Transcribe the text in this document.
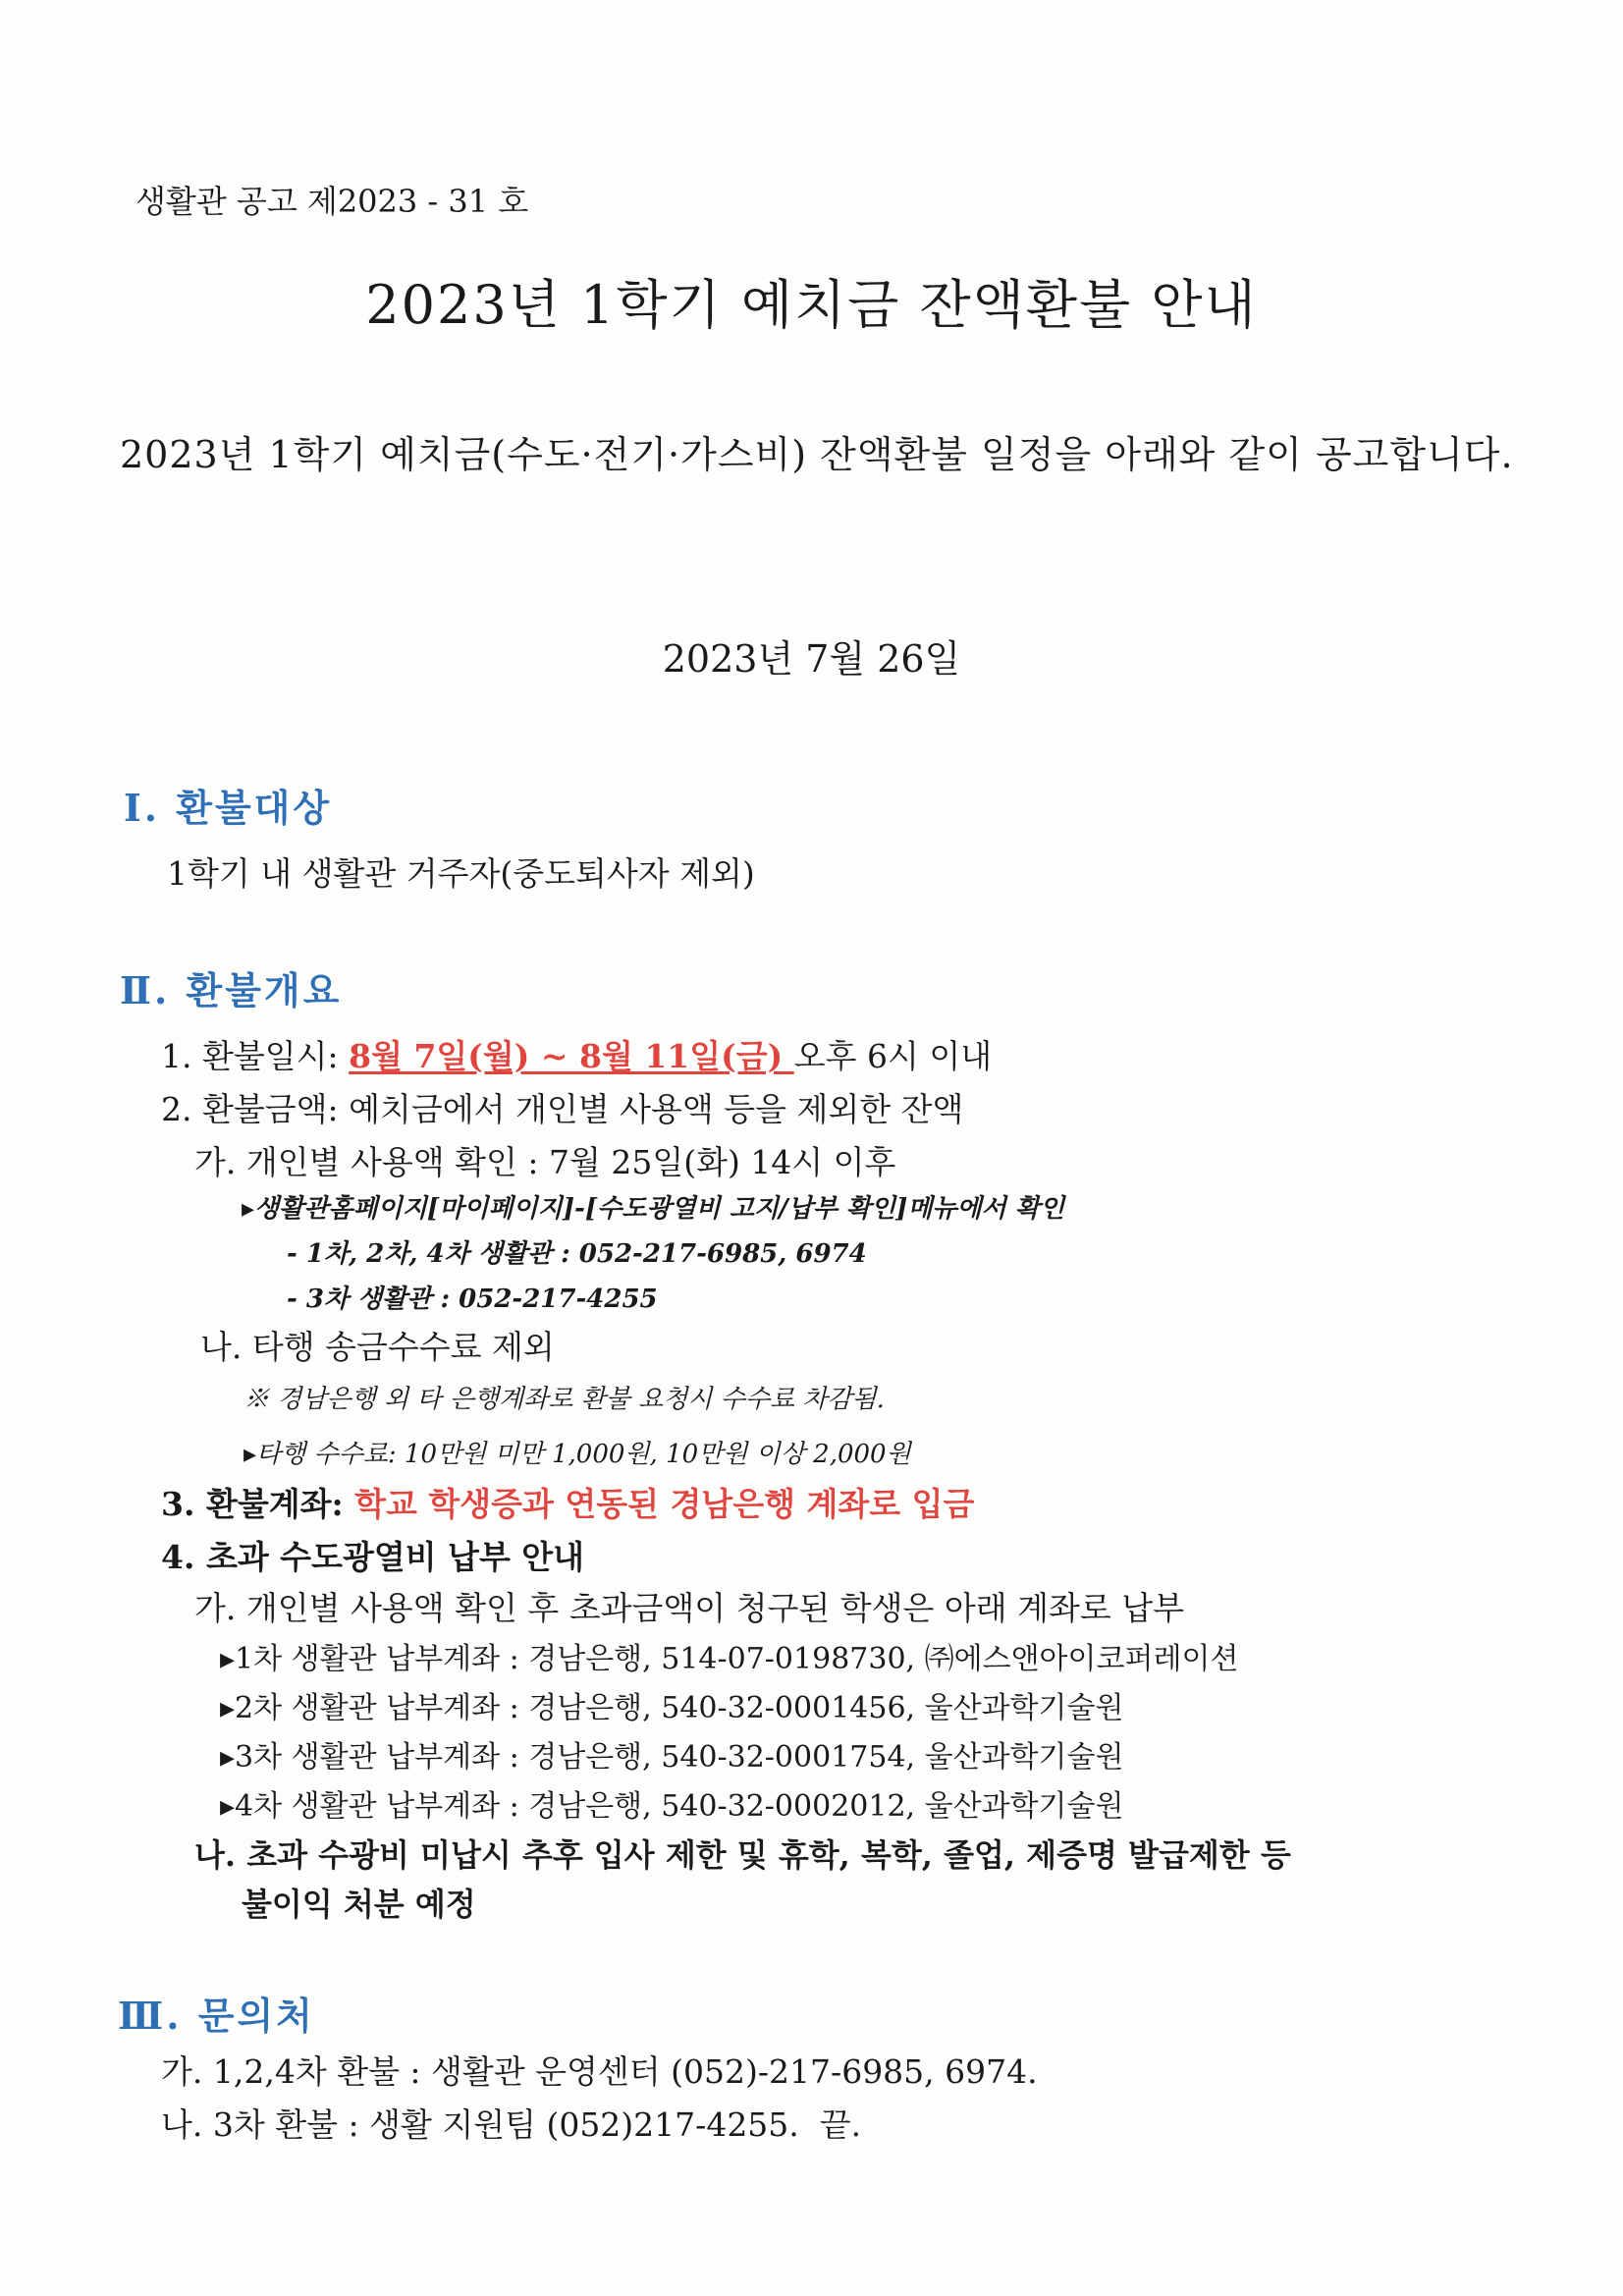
생활관 공고 제2023 - 31 호
2023년 1학기 예치금 잔액환불 안내
2023년 1학기 예치금(수도·전기·가스비) 잔액환불 일정을 아래와 같이 공고합니다.
2023년 7월 26일
Ⅰ. 환불대상
1학기 내 생활관 거주자(중도퇴사자 제외)
Ⅱ. 환불개요
1. 환불일시: 8월 7일(월) ~ 8월 11일(금) 오후 6시 이내
2. 환불금액: 예치금에서 개인별 사용액 등을 제외한 잔액
가. 개인별 사용액 확인 : 7월 25일(화) 14시 이후
▸생활관홈페이지[마이페이지]-[수도광열비 고지/납부 확인]메뉴에서 확인
- 1차, 2차, 4차 생활관 : 052-217-6985, 6974
- 3차 생활관 : 052-217-4255
나. 타행 송금수수료 제외
※ 경남은행 외 타 은행계좌로 환불 요청시 수수료 차감됨.
▸타행 수수료: 10만원 미만 1,000원, 10만원 이상 2,000원
3. 환불계좌: 학교 학생증과 연동된 경남은행 계좌로 입금
4. 초과 수도광열비 납부 안내
가. 개인별 사용액 확인 후 초과금액이 청구된 학생은 아래 계좌로 납부
▸1차 생활관 납부계좌 : 경남은행, 514-07-0198730, ㈜에스앤아이코퍼레이션
▸2차 생활관 납부계좌 : 경남은행, 540-32-0001456, 울산과학기술원
▸3차 생활관 납부계좌 : 경남은행, 540-32-0001754, 울산과학기술원
▸4차 생활관 납부계좌 : 경남은행, 540-32-0002012, 울산과학기술원
나. 초과 수광비 미납시 추후 입사 제한 및 휴학, 복학, 졸업, 제증명 발급제한 등
불이익 처분 예정
Ⅲ. 문의처
가. 1,2,4차 환불 : 생활관 운영센터 (052)-217-6985, 6974.
나. 3차 환불 : 생활 지원팀 (052)217-4255. 끝.
